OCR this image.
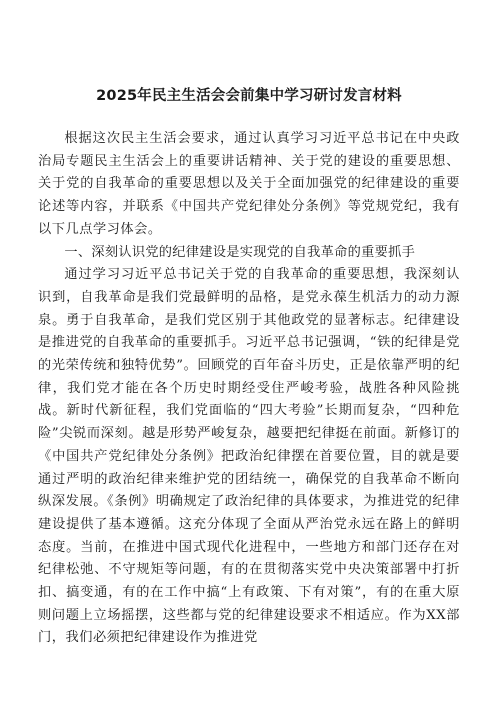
2025年民主生活会会前集中学习研讨发言材料

根据这次民主生活会要求，通过认真学习习近平总书记在中央政治局专题民主生活会上的重要讲话精神、关于党的建设的重要思想、关于党的自我革命的重要思想以及关于全面加强党的纪律建设的重要论述等内容，并联系《中国共产党纪律处分条例》等党规党纪，我有以下几点学习体会。

一、深刻认识党的纪律建设是实现党的自我革命的重要抓手

通过学习习近平总书记关于党的自我革命的重要思想，我深刻认识到，自我革命是我们党最鲜明的品格，是党永葆生机活力的动力源泉。勇于自我革命，是我们党区别于其他政党的显著标志。纪律建设是推进党的自我革命的重要抓手。习近平总书记强调，“铁的纪律是党的光荣传统和独特优势”。回顾党的百年奋斗历史，正是依靠严明的纪律，我们党才能在各个历史时期经受住严峻考验，战胜各种风险挑战。新时代新征程，我们党面临的“四大考验”长期而复杂，“四种危险”尖锐而深刻。越是形势严峻复杂，越要把纪律挺在前面。新修订的《中国共产党纪律处分条例》把政治纪律摆在首要位置，目的就是要通过严明的政治纪律来维护党的团结统一，确保党的自我革命不断向纵深发展。《条例》明确规定了政治纪律的具体要求，为推进党的纪律建设提供了基本遵循。这充分体现了全面从严治党永远在路上的鲜明态度。当前，在推进中国式现代化进程中，一些地方和部门还存在对纪律松弛、不守规矩等问题，有的在贯彻落实党中央决策部署中打折扣、搞变通，有的在工作中搞“上有政策、下有对策”，有的在重大原则问题上立场摇摆，这些都与党的纪律建设要求不相适应。作为XX部门，我们必须把纪律建设作为推进党
